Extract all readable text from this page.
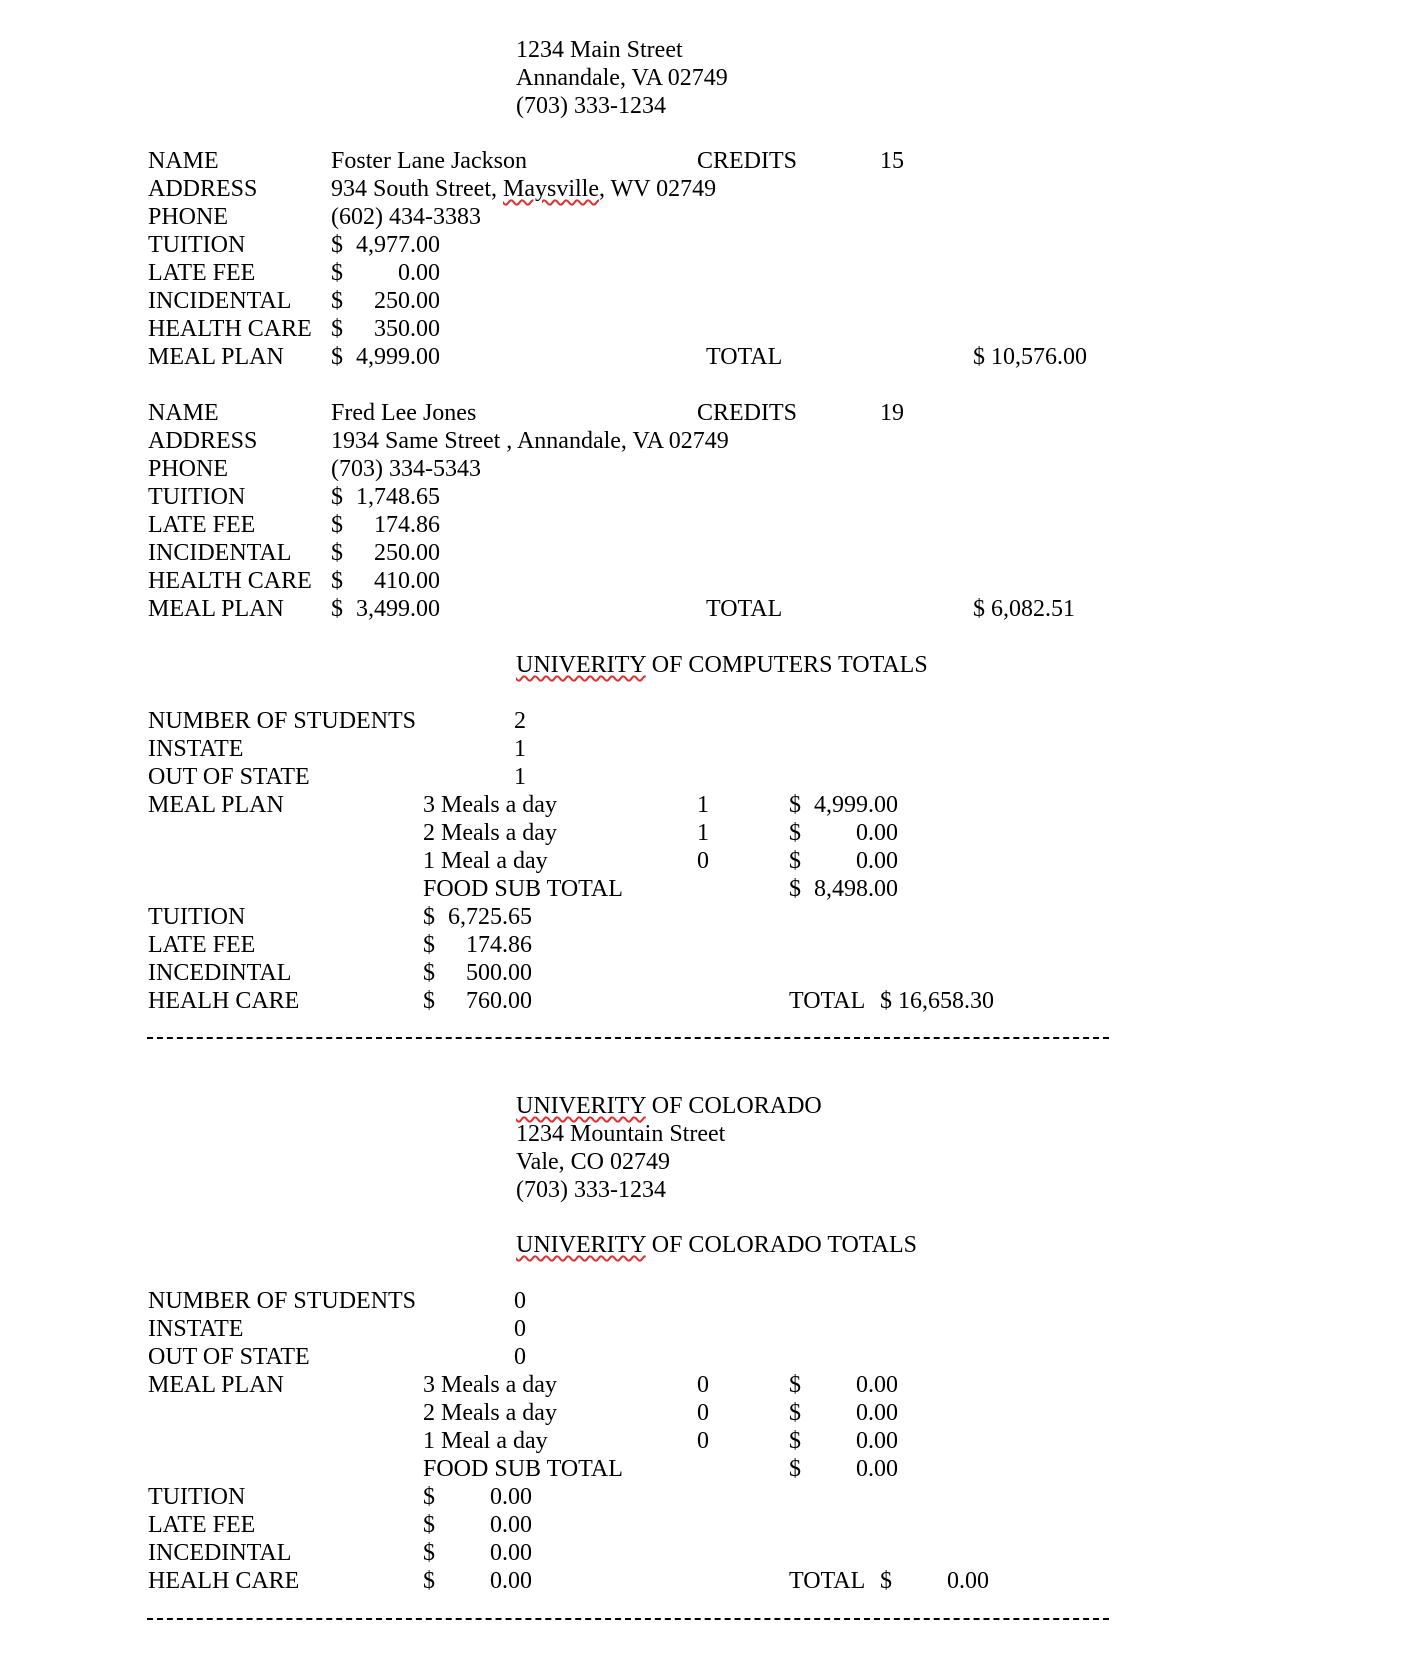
1234 Main Street
Annandale, VA 02749
(703) 333-1234
NAME	Foster Lane Jackson	CREDITS	15
ADDRESS	934 South Street, Maysville, WV 02749
PHONE	(602) 434-3383
TUITION	$ 4,977.00
LATE FEE	$	0.00
INCIDENTAL $	250.00
HEALTH CARE $	350.00
MEAL PLAN $ 4,999.00	TOTAL	$ 10,576.00
NAME	Fred Lee Jones	CREDITS	19
ADDRESS	1934 Same Street , Annandale, VA 02749
PHONE	(703) 334-5343
TUITION	$ 1,748.65
LATE FEE	$	174.86
INCIDENTAL $	250.00
HEALTH CARE $	410.00
MEAL PLAN $ 3,499.00	TOTAL	$ 6,082.51
UNIVERITY OF COMPUTERS TOTALS
NUMBER OF STUDENTS	2
INSTATE	1
OUT OF STATE	1
MEAL PLAN	3 Meals a day	1	$ 4,999.00
2 Meals a day	1	$	0.00
1 Meal a day	0	$	0.00
FOOD SUB TOTAL	$ 8,498.00
TUITION	$ 6,725.65
LATE FEE	$	174.86
INCEDINTAL	$	500.00
HEALH CARE	$	760.00	TOTAL $ 16,658.30
UNIVERITY OF COLORADO
1234 Mountain Street
Vale, CO 02749
(703) 333-1234
UNIVERITY OF COLORADO TOTALS
NUMBER OF STUDENTS	0
INSTATE	0
OUT OF STATE	0
MEAL PLAN	3 Meals a day	0	$	0.00
2 Meals a day	0	$	0.00
1 Meal a day	0	$	0.00
FOOD SUB TOTAL	$	0.00
TUITION	$	0.00
LATE FEE	$	0.00
INCEDINTAL	$	0.00
HEALH CARE	$	0.00	TOTAL $	0.00
